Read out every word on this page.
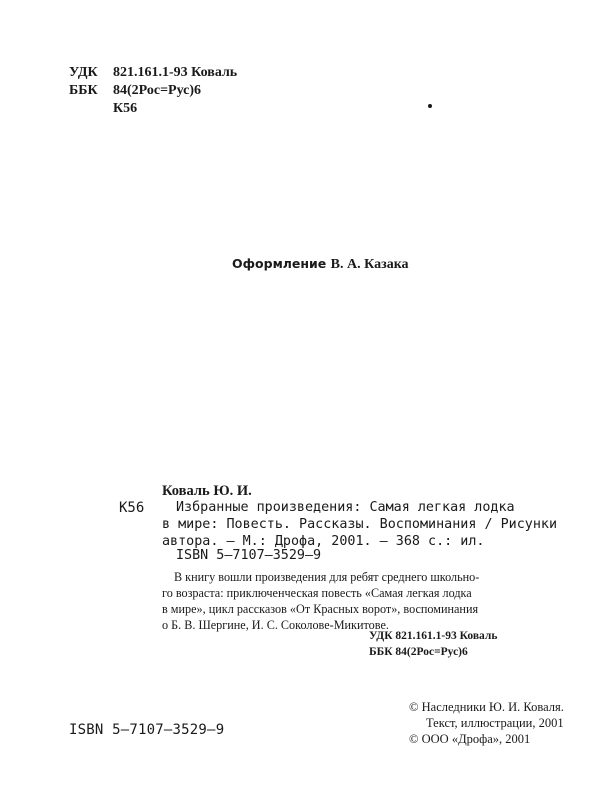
УДК 821.161.1-93 Коваль
ББК 84(2Рос=Рус)6
К56
Оформление В. А. Казака
Коваль Ю. И.
К56	Избранные произведения: Самая легкая лодка
в мире: Повесть. Рассказы. Воспоминания / Рисунки
автора. — М.: Дрофа, 2001. — 368 с.: ил.
ISBN 5—7107—3529—9
В книгу вошли произведения для ребят среднего школьно-
го возраста: приключенческая повесть «Самая легкая лодка
в мире», цикл рассказов «От Красных ворот», воспоминания
о Б. В. Шергине, И. С. Соколове-Микитове.
УДК 821.161.1-93 Коваль
ББК 84(2Рос=Рус)6
ISBN 5—7107—3529—9
© Наследники Ю. И. Коваля.
Текст, иллюстрации, 2001
© ООО «Дрофа», 2001
